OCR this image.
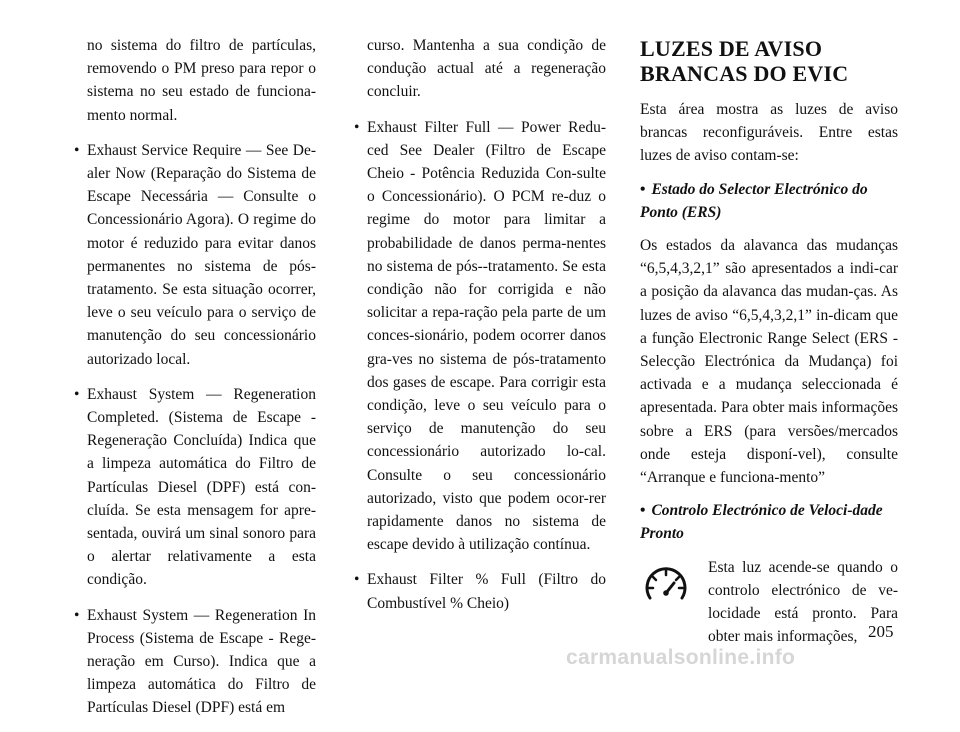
no sistema do filtro de partículas, removendo o PM preso para repor o sistema no seu estado de funciona-mento normal.

• Exhaust Service Require — See De-aler Now (Reparação do Sistema de Escape Necessária — Consulte o Concessionário Agora). O regime do motor é reduzido para evitar danos permanentes no sistema de pós-tratamento. Se esta situação ocorrer, leve o seu veículo para o serviço de manutenção do seu concessionário autorizado local.
• Exhaust System — Regeneration Completed. (Sistema de Escape - Regeneração Concluída) Indica que a limpeza automática do Filtro de Partículas Diesel (DPF) está con-cluída. Se esta mensagem for apre-sentada, ouvirá um sinal sonoro para o alertar relativamente a esta condição.
• Exhaust System — Regeneration In Process (Sistema de Escape - Rege-neração em Curso). Indica que a limpeza automática do Filtro de Partículas Diesel (DPF) está em

curso. Mantenha a sua condição de condução actual até a regeneração concluir.

• Exhaust Filter Full — Power Redu-ced See Dealer (Filtro de Escape Cheio - Potência Reduzida Con-sulte o Concessionário). O PCM re-duz o regime do motor para limitar a probabilidade de danos perma-nentes no sistema de pós--tratamento. Se esta condição não for corrigida e não solicitar a repa-ração pela parte de um conces-sionário, podem ocorrer danos gra-ves no sistema de pós-tratamento dos gases de escape. Para corrigir esta condição, leve o seu veículo para o serviço de manutenção do seu concessionário autorizado lo-cal. Consulte o seu concessionário autorizado, visto que podem ocor-rer rapidamente danos no sistema de escape devido à utilização contínua.
• Exhaust Filter % Full (Filtro do Combustível % Cheio)
LUZES DE AVISO BRANCAS DO EVIC

Esta área mostra as luzes de aviso brancas reconfiguráveis. Entre estas luzes de aviso contam-se:

• Estado do Selector Electrónico do Ponto (ERS)

Os estados da alavanca das mudanças “6,5,4,3,2,1” são apresentados a indi-car a posição da alavanca das mudan-ças. As luzes de aviso “6,5,4,3,2,1” in-dicam que a função Electronic Range Select (ERS - Selecção Electrónica da Mudança) foi activada e a mudança seleccionada é apresentada. Para obter mais informações sobre a ERS (para versões/mercados onde esteja disponí-vel), consulte “Arranque e funciona-mento”

• Controlo Electrónico de Veloci-dade Pronto

Esta luz acende-se quando o controlo electrónico de ve-locidade está pronto. Para obter mais informações, 205
carmanualsonline.info
